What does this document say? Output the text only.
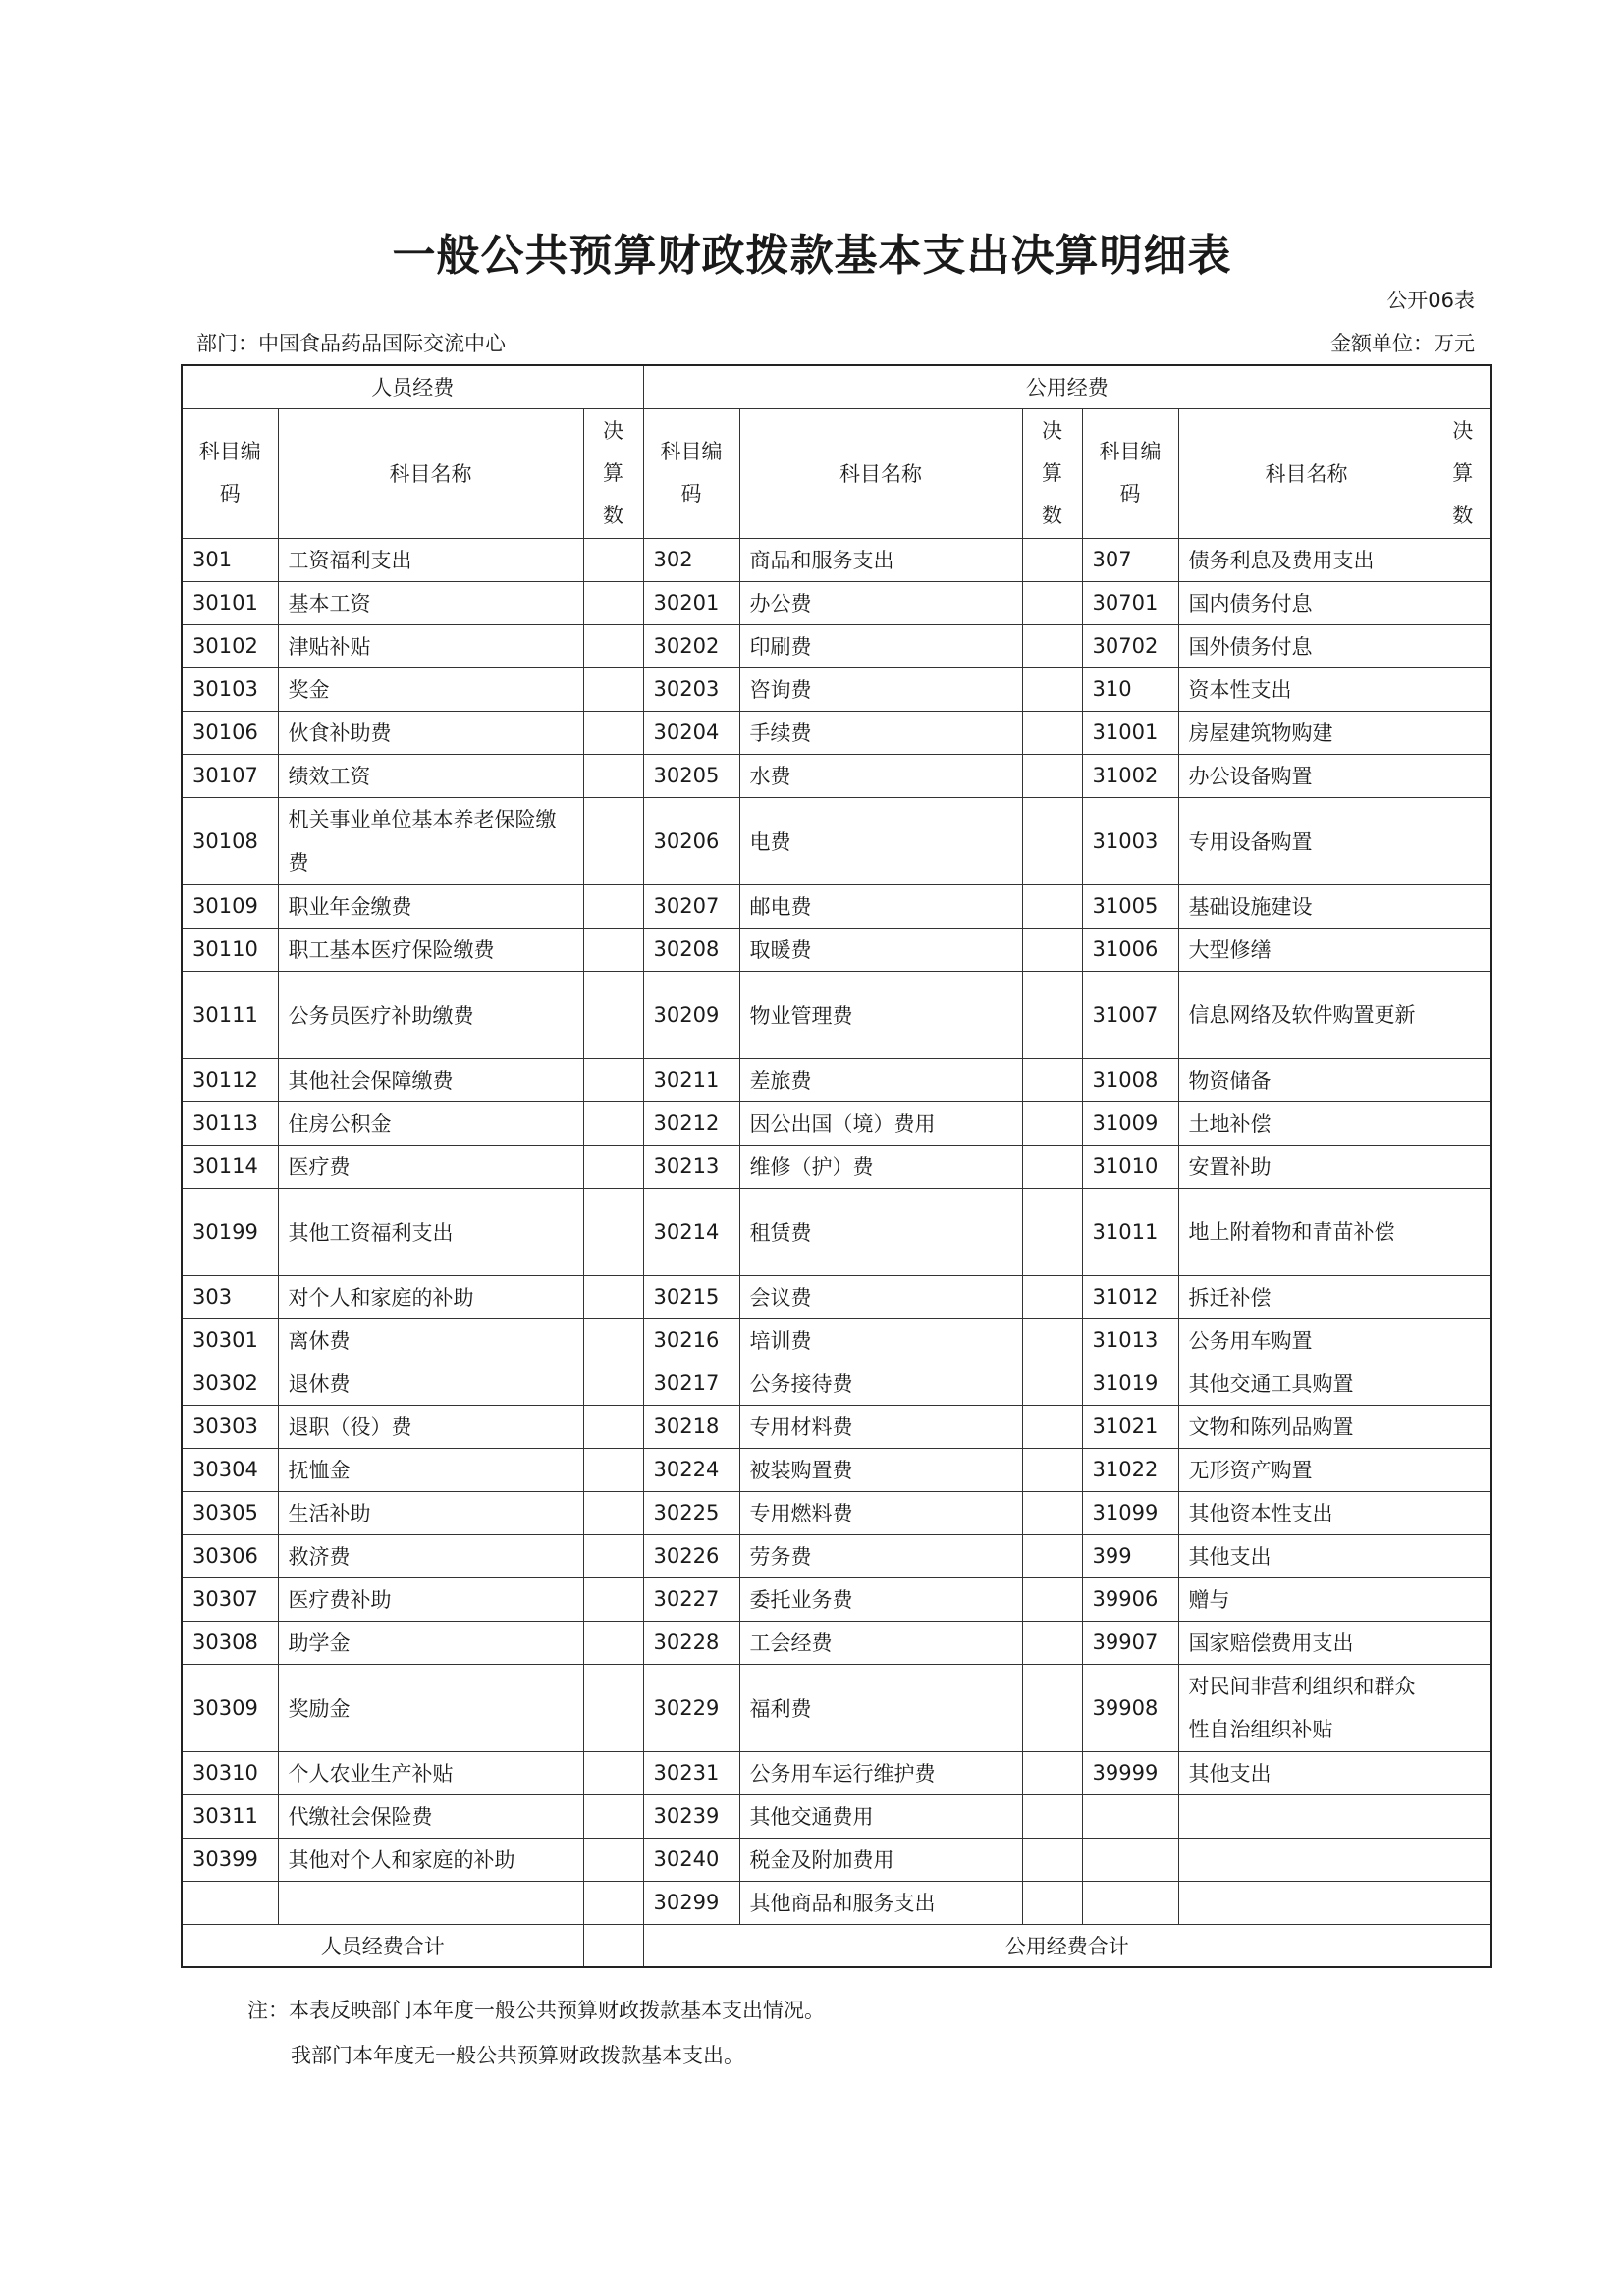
一般公共预算财政拨款基本支出决算明细表
公开06表
部门：中国食品药品国际交流中心	金额单位：万元
人员经费			公用经费					
科目编码	科目名称	决算数	科目编码	科目名称	决算数	科目编码	科目名称	决算数
301	工资福利支出		302	商品和服务支出		307	债务利息及费用支出	
30101	基本工资		30201	办公费		30701	国内债务付息	
30102	津贴补贴		30202	印刷费		30702	国外债务付息	
30103	奖金		30203	咨询费		310	资本性支出	
30106	伙食补助费		30204	手续费		31001	房屋建筑物购建	
30107	绩效工资		30205	水费		31002	办公设备购置	
30108	机关事业单位基本养老保险缴费		30206	电费		31003	专用设备购置	
30109	职业年金缴费		30207	邮电费		31005	基础设施建设	
30110	职工基本医疗保险缴费		30208	取暖费		31006	大型修缮	
30111	公务员医疗补助缴费		30209	物业管理费		31007	信息网络及软件购置更新	
30112	其他社会保障缴费		30211	差旅费		31008	物资储备	
30113	住房公积金		30212	因公出国（境）费用		31009	土地补偿	
30114	医疗费		30213	维修（护）费		31010	安置补助	
30199	其他工资福利支出		30214	租赁费		31011	地上附着物和青苗补偿	
303	对个人和家庭的补助		30215	会议费		31012	拆迁补偿	
30301	离休费		30216	培训费		31013	公务用车购置	
30302	退休费		30217	公务接待费		31019	其他交通工具购置	
30303	退职（役）费		30218	专用材料费		31021	文物和陈列品购置	
30304	抚恤金		30224	被装购置费		31022	无形资产购置	
30305	生活补助		30225	专用燃料费		31099	其他资本性支出	
30306	救济费		30226	劳务费		399	其他支出	
30307	医疗费补助		30227	委托业务费		39906	赠与	
30308	助学金		30228	工会经费		39907	国家赔偿费用支出	
30309	奖励金		30229	福利费		39908	对民间非营利组织和群众性自治组织补贴	
30310	个人农业生产补贴		30231	公务用车运行维护费		39999	其他支出	
30311	代缴社会保险费		30239	其他交通费用				
30399	其他对个人和家庭的补助		30240	税金及附加费用				
			30299	其他商品和服务支出				
人员经费合计			公用经费合计					
注：本表反映部门本年度一般公共预算财政拨款基本支出情况。
我部门本年度无一般公共预算财政拨款基本支出。
